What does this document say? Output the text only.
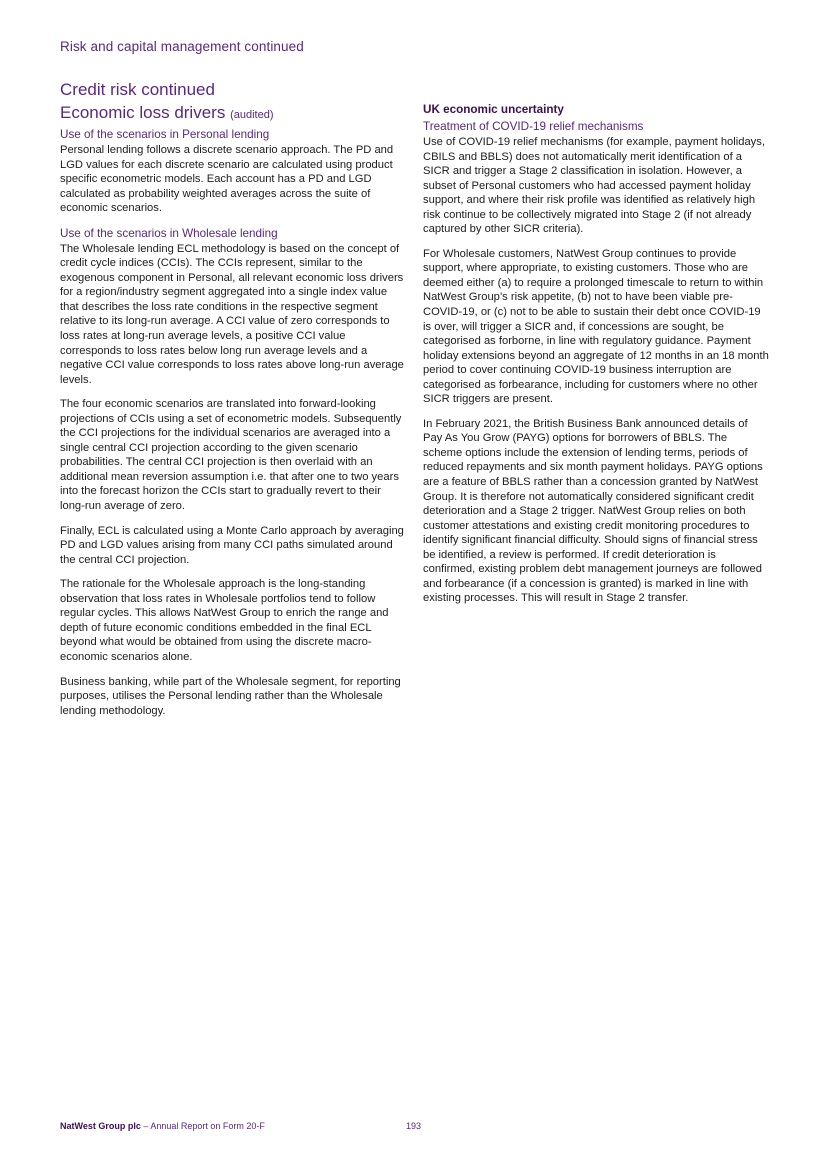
Risk and capital management continued
Credit risk continued
Economic loss drivers (audited)
Use of the scenarios in Personal lending

Personal lending follows a discrete scenario approach. The PD and LGD values for each discrete scenario are calculated using product specific econometric models. Each account has a PD and LGD calculated as probability weighted averages across the suite of economic scenarios.

Use of the scenarios in Wholesale lending

The Wholesale lending ECL methodology is based on the concept of credit cycle indices (CCIs). The CCIs represent, similar to the exogenous component in Personal, all relevant economic loss drivers for a region/industry segment aggregated into a single index value that describes the loss rate conditions in the respective segment relative to its long-run average. A CCI value of zero corresponds to loss rates at long-run average levels, a positive CCI value corresponds to loss rates below long run average levels and a negative CCI value corresponds to loss rates above long-run average levels.

The four economic scenarios are translated into forward-looking projections of CCIs using a set of econometric models. Subsequently the CCI projections for the individual scenarios are averaged into a single central CCI projection according to the given scenario probabilities. The central CCI projection is then overlaid with an additional mean reversion assumption i.e. that after one to two years into the forecast horizon the CCIs start to gradually revert to their long-run average of zero.

Finally, ECL is calculated using a Monte Carlo approach by averaging PD and LGD values arising from many CCI paths simulated around the central CCI projection.

The rationale for the Wholesale approach is the long-standing observation that loss rates in Wholesale portfolios tend to follow regular cycles. This allows NatWest Group to enrich the range and depth of future economic conditions embedded in the final ECL beyond what would be obtained from using the discrete macro-economic scenarios alone.

Business banking, while part of the Wholesale segment, for reporting purposes, utilises the Personal lending rather than the Wholesale lending methodology.

UK economic uncertainty
Treatment of COVID-19 relief mechanisms

Use of COVID-19 relief mechanisms (for example, payment holidays, CBILS and BBLS) does not automatically merit identification of a SICR and trigger a Stage 2 classification in isolation. However, a subset of Personal customers who had accessed payment holiday support, and where their risk profile was identified as relatively high risk continue to be collectively migrated into Stage 2 (if not already captured by other SICR criteria).

For Wholesale customers, NatWest Group continues to provide support, where appropriate, to existing customers. Those who are deemed either (a) to require a prolonged timescale to return to within NatWest Group’s risk appetite, (b) not to have been viable pre-COVID-19, or (c) not to be able to sustain their debt once COVID-19 is over, will trigger a SICR and, if concessions are sought, be categorised as forborne, in line with regulatory guidance. Payment holiday extensions beyond an aggregate of 12 months in an 18 month period to cover continuing COVID-19 business interruption are categorised as forbearance, including for customers where no other SICR triggers are present.

In February 2021, the British Business Bank announced details of Pay As You Grow (PAYG) options for borrowers of BBLS. The scheme options include the extension of lending terms, periods of reduced repayments and six month payment holidays. PAYG options are a feature of BBLS rather than a concession granted by NatWest Group. It is therefore not automatically considered significant credit deterioration and a Stage 2 trigger. NatWest Group relies on both customer attestations and existing credit monitoring procedures to identify significant financial difficulty. Should signs of financial stress be identified, a review is performed. If credit deterioration is confirmed, existing problem debt management journeys are followed and forbearance (if a concession is granted) is marked in line with existing processes. This will result in Stage 2 transfer.

NatWest Group plc – Annual Report on Form 20-F	193
